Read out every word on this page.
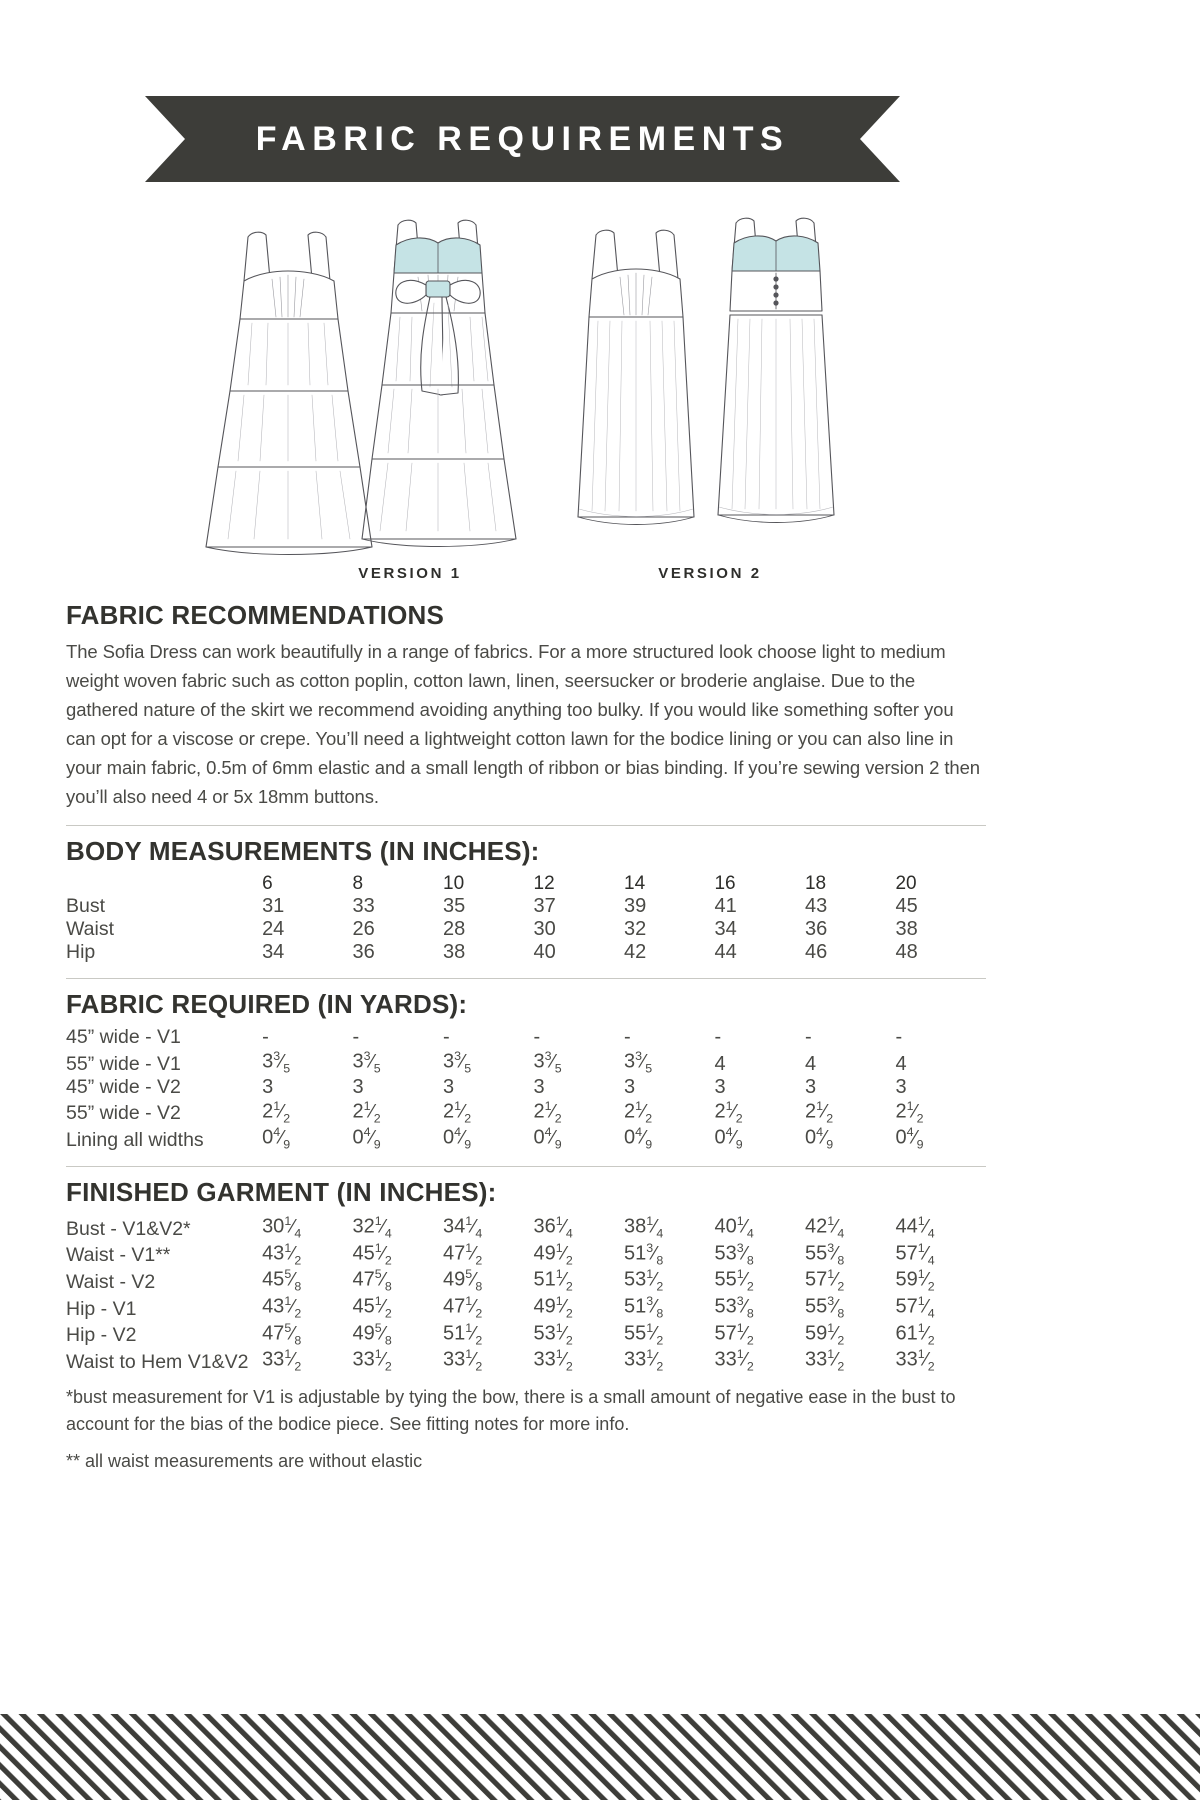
FABRIC REQUIREMENTS
VERSION 1	VERSION 2
FABRIC RECOMMENDATIONS

The Sofia Dress can work beautifully in a range of fabrics. For a more structured look choose light to medium weight woven fabric such as cotton poplin, cotton lawn, linen, seersucker or broderie anglaise. Due to the gathered nature of the skirt we recommend avoiding anything too bulky. If you would like something softer you can opt for a viscose or crepe. You’ll need a lightweight cotton lawn for the bodice lining or you can also line in your main fabric, 0.5m of 6mm elastic and a small length of ribbon or bias binding. If you’re sewing version 2 then you’ll also need 4 or 5x 18mm buttons.

BODY MEASUREMENTS (IN INCHES):
	6	8	10	12	14	16	18	20
Bust	31	33	35	37	39	41	43	45
Waist	24	26	28	30	32	34	36	38
Hip	34	36	38	40	42	44	46	48
FABRIC REQUIRED (IN YARDS):
45” wide - V1	-	-	-	-	-	-	-	-
55” wide - V1	$3^3⁄_5$	$3^3⁄_5$	$3^3⁄_5$	$3^3⁄_5$	$3^3⁄_5$	4	4	4
45” wide - V2	3	3	3	3	3	3	3	3
55” wide - V2	$2^1⁄_2$	$2^1⁄_2$	$2^1⁄_2$	$2^1⁄_2$	$2^1⁄_2$	$2^1⁄_2$	$2^1⁄_2$	$2^1⁄_2$
Lining all widths	$0^4⁄_9$	$0^4⁄_9$	$0^4⁄_9$	$0^4⁄_9$	$0^4⁄_9$	$0^4⁄_9$	$0^4⁄_9$	$0^4⁄_9$
FINISHED GARMENT (IN INCHES):
Bust - V1&V2*	$30^1⁄_4$	$32^1⁄_4$	$34^1⁄_4$	$36^1⁄_4$	$38^1⁄_4$	$40^1⁄_4$	$42^1⁄_4$	$44^1⁄_4$
Waist - V1**	$43^1⁄_2$	$45^1⁄_2$	$47^1⁄_2$	$49^1⁄_2$	$51^3⁄_8$	$53^3⁄_8$	$55^3⁄_8$	$57^1⁄_4$
Waist - V2	$45^5⁄_8$	$47^5⁄_8$	$49^5⁄_8$	$51^1⁄_2$	$53^1⁄_2$	$55^1⁄_2$	$57^1⁄_2$	$59^1⁄_2$
Hip - V1	$43^1⁄_2$	$45^1⁄_2$	$47^1⁄_2$	$49^1⁄_2$	$51^3⁄_8$	$53^3⁄_8$	$55^3⁄_8$	$57^1⁄_4$
Hip - V2	$47^5⁄_8$	$49^5⁄_8$	$51^1⁄_2$	$53^1⁄_2$	$55^1⁄_2$	$57^1⁄_2$	$59^1⁄_2$	$61^1⁄_2$
Waist to Hem V1&V2	$33^1⁄_2$	$33^1⁄_2$	$33^1⁄_2$	$33^1⁄_2$	$33^1⁄_2$	$33^1⁄_2$	$33^1⁄_2$	$33^1⁄_2$

*bust measurement for V1 is adjustable by tying the bow, there is a small amount of negative ease in the bust to account for the bias of the bodice piece. See fitting notes for more info.

** all waist measurements are without elastic
